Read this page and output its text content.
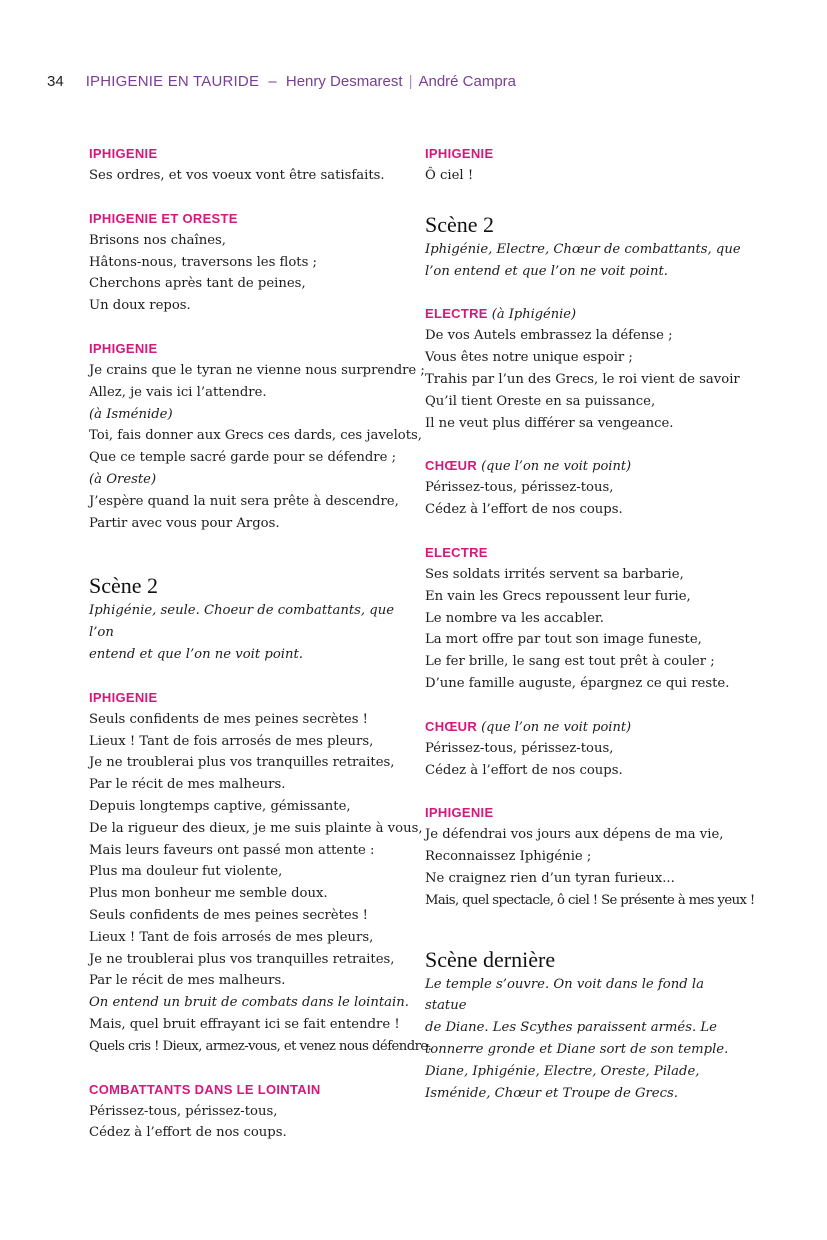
34 IPHIGENIE EN TAURIDE – Henry Desmarest | André Campra
IPHIGENIE
Ses ordres, et vos voeux vont être satisfaits.
IPHIGENIE ET ORESTE
Brisons nos chaînes,
Hâtons-nous, traversons les flots ;
Cherchons après tant de peines,
Un doux repos.
IPHIGENIE
Je crains que le tyran ne vienne nous surprendre ;
Allez, je vais ici l’attendre.
(à Isménide)
Toi, fais donner aux Grecs ces dards, ces javelots,
Que ce temple sacré garde pour se défendre ;
(à Oreste)
J’espère quand la nuit sera prête à descendre,
Partir avec vous pour Argos.
Scène 2
Iphigénie, seule. Choeur de combattants, que l’on
entend et que l’on ne voit point.
IPHIGENIE
Seuls confidents de mes peines secrètes !
Lieux ! Tant de fois arrosés de mes pleurs,
Je ne troublerai plus vos tranquilles retraites,
Par le récit de mes malheurs.
Depuis longtemps captive, gémissante,
De la rigueur des dieux, je me suis plainte à vous,
Mais leurs faveurs ont passé mon attente :
Plus ma douleur fut violente,
Plus mon bonheur me semble doux.
Seuls confidents de mes peines secrètes !
Lieux ! Tant de fois arrosés de mes pleurs,
Je ne troublerai plus vos tranquilles retraites,
Par le récit de mes malheurs.
On entend un bruit de combats dans le lointain.
Mais, quel bruit effrayant ici se fait entendre !
Quels cris ! Dieux, armez-vous, et venez nous défendre.
COMBATTANTS DANS LE LOINTAIN
Périssez-tous, périssez-tous,
Cédez à l’effort de nos coups.
IPHIGENIE
Ô ciel !
Scène 2
Iphigénie, Electre, Chœur de combattants, que
l’on entend et que l’on ne voit point.
ELECTRE (à Iphigénie)
De vos Autels embrassez la défense ;
Vous êtes notre unique espoir ;
Trahis par l’un des Grecs, le roi vient de savoir
Qu’il tient Oreste en sa puissance,
Il ne veut plus différer sa vengeance.
CHŒUR (que l’on ne voit point)
Périssez-tous, périssez-tous,
Cédez à l’effort de nos coups.
ELECTRE
Ses soldats irrités servent sa barbarie,
En vain les Grecs repoussent leur furie,
Le nombre va les accabler.
La mort offre par tout son image funeste,
Le fer brille, le sang est tout prêt à couler ;
D’une famille auguste, épargnez ce qui reste.
CHŒUR (que l’on ne voit point)
Périssez-tous, périssez-tous,
Cédez à l’effort de nos coups.
IPHIGENIE
Je défendrai vos jours aux dépens de ma vie,
Reconnaissez Iphigénie ;
Ne craignez rien d’un tyran furieux...
Mais, quel spectacle, ô ciel ! Se présente à mes yeux !
Scène dernière
Le temple s’ouvre. On voit dans le fond la statue
de Diane. Les Scythes paraissent armés. Le
tonnerre gronde et Diane sort de son temple.
Diane, Iphigénie, Electre, Oreste, Pilade,
Isménide, Chœur et Troupe de Grecs.
